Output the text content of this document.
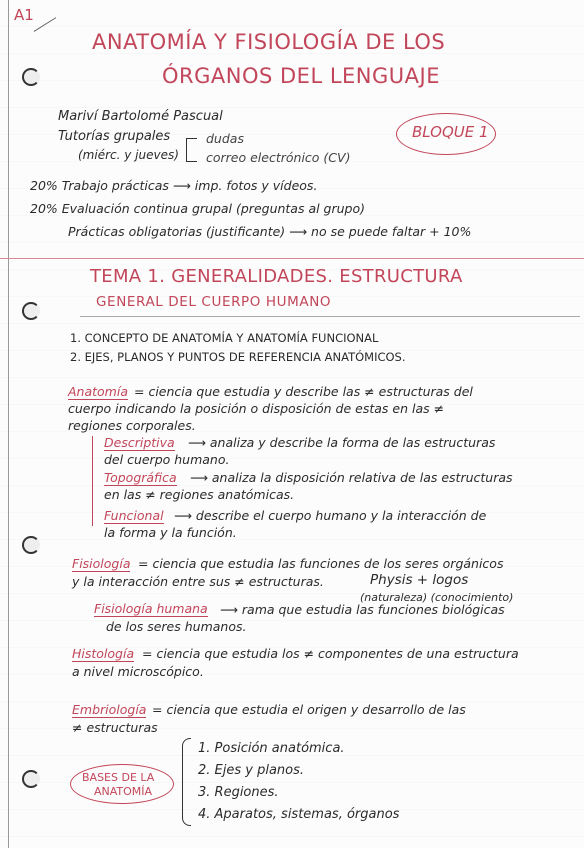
A1
ANATOMÍA Y FISIOLOGÍA DE LOS
ÓRGANOS DEL LENGUAJE
BLOQUE 1
Mariví Bartolomé Pascual
Tutorías grupales
(miérc. y jueves)
dudas
correo electrónico (CV)
20% Trabajo prácticas ⟶ imp. fotos y vídeos.
20% Evaluación continua grupal (preguntas al grupo)
Prácticas obligatorias (justificante) ⟶ no se puede faltar + 10%
TEMA 1. GENERALIDADES. ESTRUCTURA
GENERAL DEL CUERPO HUMANO
1. CONCEPTO DE ANATOMÍA Y ANATOMÍA FUNCIONAL
2. EJES, PLANOS Y PUNTOS DE REFERENCIA ANATÓMICOS.
Anatomía = ciencia que estudia y describe las ≠ estructuras del
cuerpo indicando la posición o disposición de estas en las ≠
regiones corporales.
Descriptiva ⟶ analiza y describe la forma de las estructuras
del cuerpo humano.
Topográfica ⟶ analiza la disposición relativa de las estructuras
en las ≠ regiones anatómicas.
Funcional ⟶ describe el cuerpo humano y la interacción de
la forma y la función.
Fisiología = ciencia que estudia las funciones de los seres orgánicos
y la interacción entre sus ≠ estructuras.	Physis + logos
(naturaleza) (conocimiento)
Fisiología humana ⟶ rama que estudia las funciones biológicas
de los seres humanos.
Histología = ciencia que estudia los ≠ componentes de una estructura
a nivel microscópico.
Embriología = ciencia que estudia el origen y desarrollo de las
≠ estructuras
BASES DE LA
ANATOMÍA
1. Posición anatómica.
2. Ejes y planos.
3. Regiones.
4. Aparatos, sistemas, órganos
